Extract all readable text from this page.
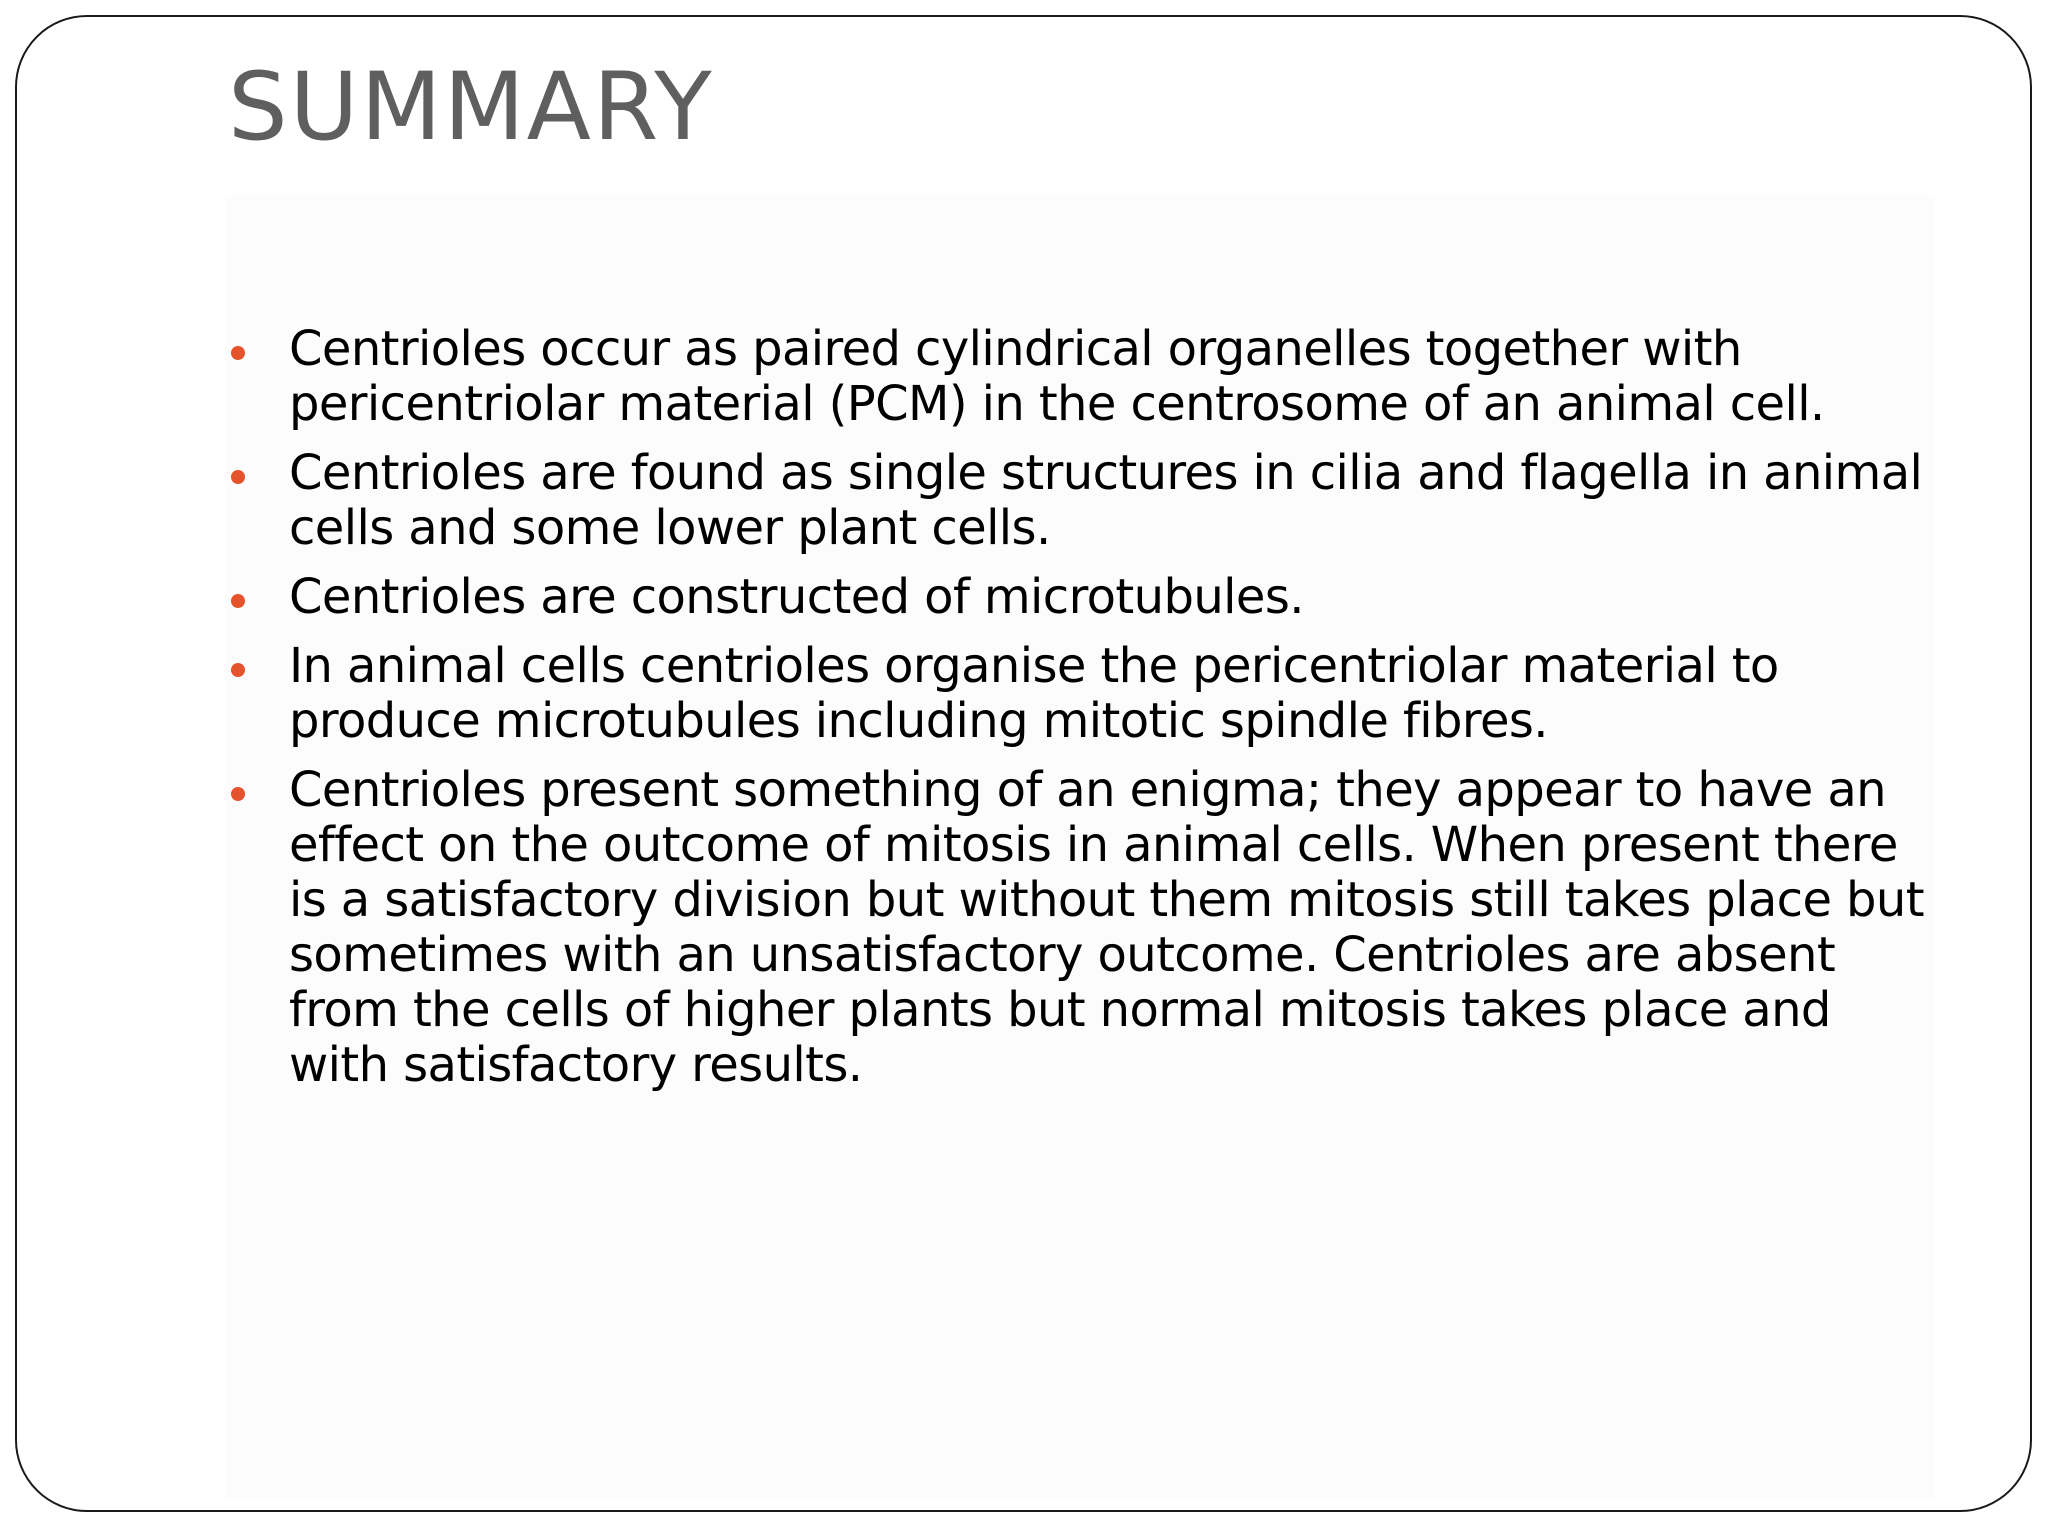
SUMMARY
Centrioles occur as paired cylindrical organelles together with pericentriolar material (PCM) in the centrosome of an animal cell.
Centrioles are found as single structures in cilia and flagella in animal cells and some lower plant cells.
Centrioles are constructed of microtubules.
In animal cells centrioles organise the pericentriolar material to produce microtubules including mitotic spindle fibres.
Centrioles present something of an enigma; they appear to have an effect on the outcome of mitosis in animal cells. When present there is a satisfactory division but without them mitosis still takes place but sometimes with an unsatisfactory outcome. Centrioles are absent from the cells of higher plants but normal mitosis takes place and with satisfactory results.
